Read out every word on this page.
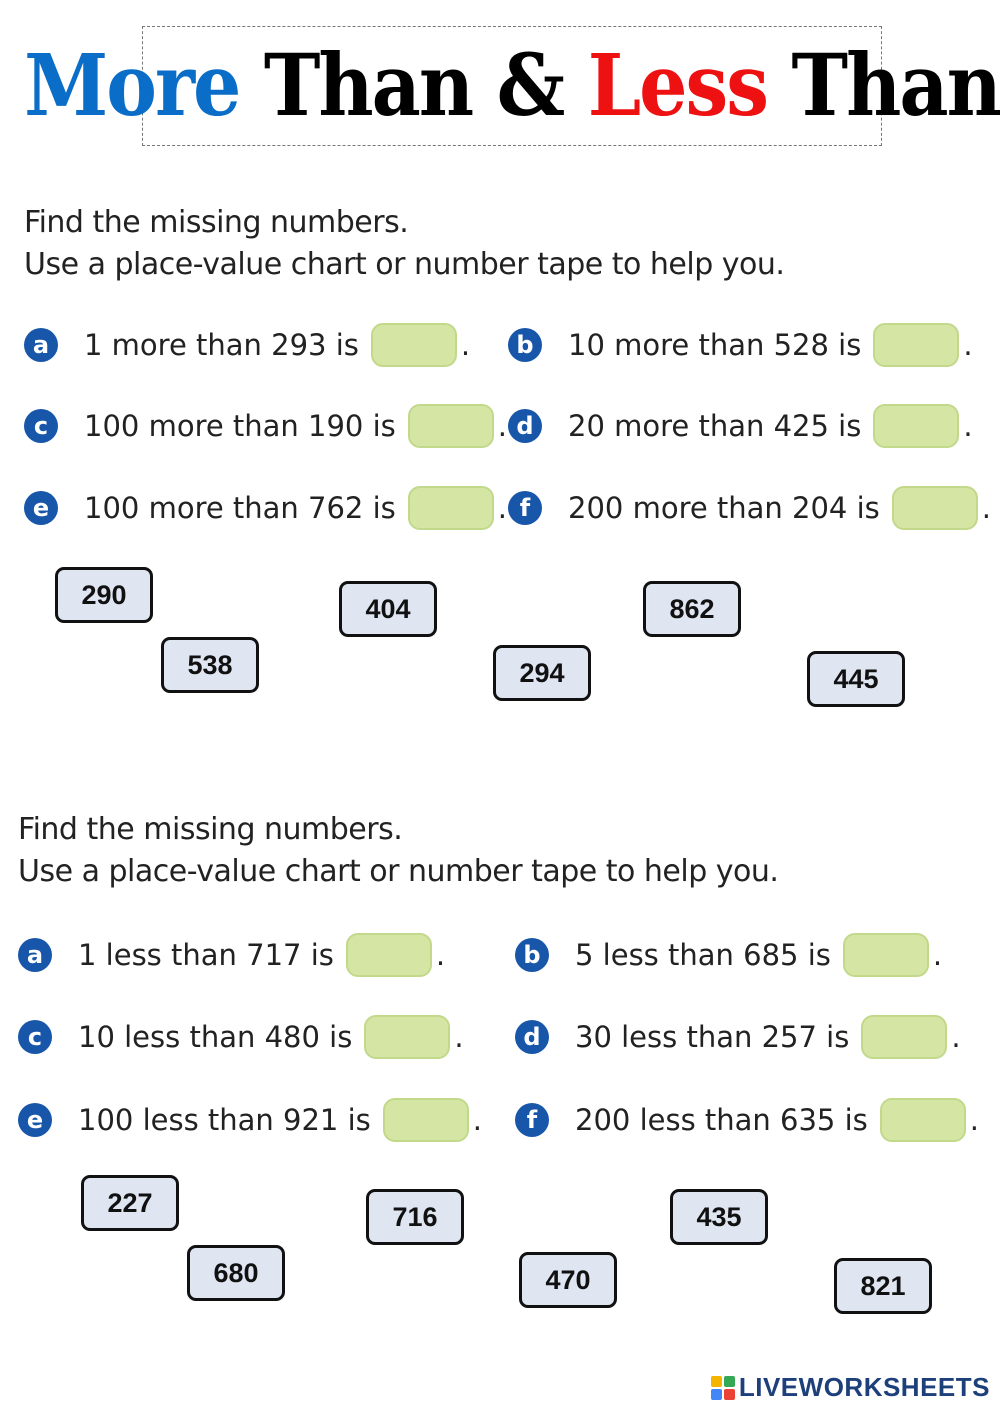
More Than & Less Than
Find the missing numbers.
Use a place-value chart or number tape to help you.
a	1 more than 293 is	.	b 10 more than 528 is	.
c	100 more than 190 is	. d 20 more than 425 is	.
e	100 more than 762 is	. f	200 more than 204 is	.
290	404	862
538	294	445
Find the missing numbers.
Use a place-value chart or number tape to help you.
a	1 less than 717 is	.	b 5 less than 685 is	.
c	10 less than 480 is	.	d 30 less than 257 is	.
e	100 less than 921 is	.	f	200 less than 635 is	.
227	716	435
680	470	821
LIVEWORKSHEETS
